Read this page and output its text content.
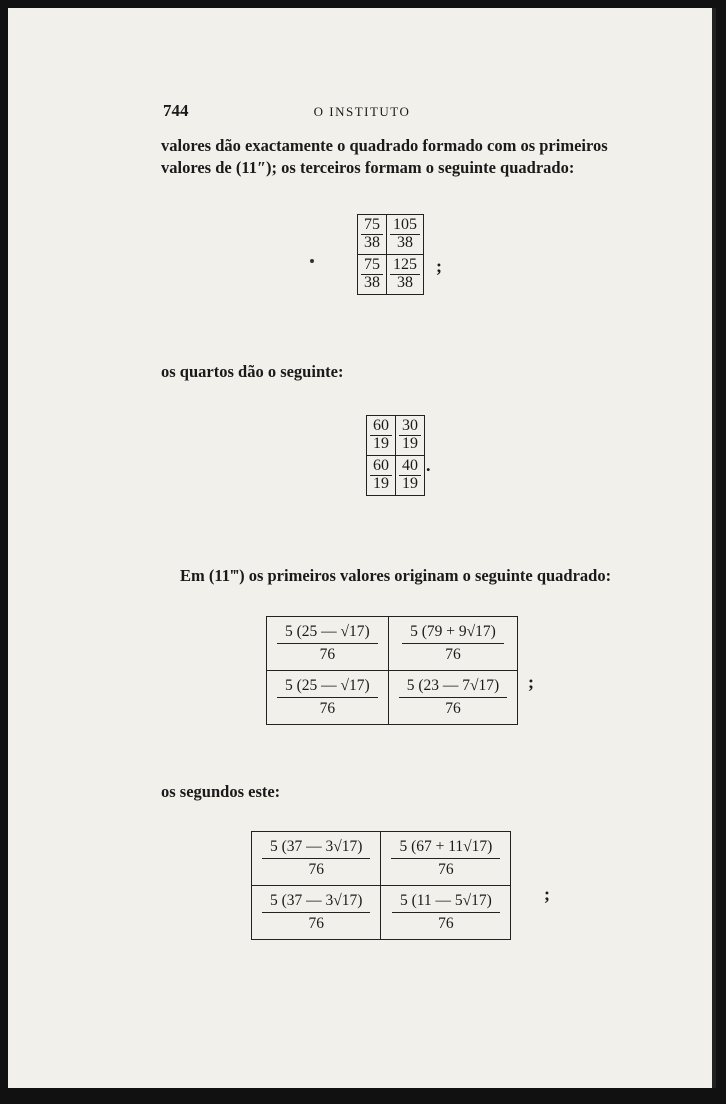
744	O INSTITUTO
valores dão exactamente o quadrado formado com os primeiros
valores de (11″); os terceiros formam o seguinte quadrado:
$\frac{75}{38}$	$\frac{105}{38}$

$\frac{75}{38}$	$\frac{125}{38}$ ;
os quartos dão o seguinte:
$\frac{60}{19}$	$\frac{30}{19}$

$\frac{60}{19}$	$\frac{40}{19}$ .
Em (11‴) os primeiros valores originam o seguinte quadrado:
$\frac{5 (25 — √17)}{76}$	$\frac{5 (79 + 9√17)}{76}$

$\frac{5 (25 — √17)}{76}$	$\frac{5 (23 — 7√17)}{76}$ ;
os segundos este:
$\frac{5 (37 — 3√17)}{76}$	$\frac{5 (67 + 11√17)}{76}$

$\frac{5 (37 — 3√17)}{76}$	$\frac{5 (11 — 5√17)}{76}$ ;
